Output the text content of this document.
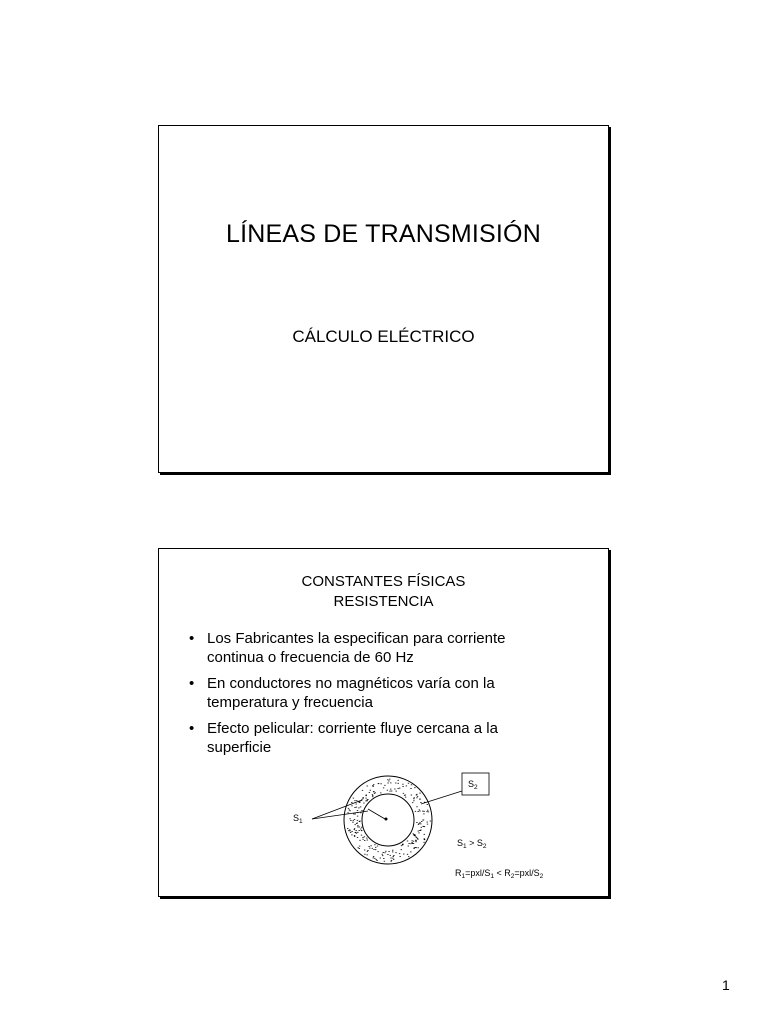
LÍNEAS DE TRANSMISIÓN
CÁLCULO ELÉCTRICO
CONSTANTES FÍSICAS
RESISTENCIA
• Los Fabricantes la especifican para corriente
continua o frecuencia de 60 Hz
• En conductores no magnéticos varía con la
temperatura y frecuencia
• Efecto pelicular: corriente fluye cercana a la
superficie
$S_1$
$S_2$
$S_1 > S_2$
$R_1=pxl/S_1 < R_2=pxl/S_2$
1
